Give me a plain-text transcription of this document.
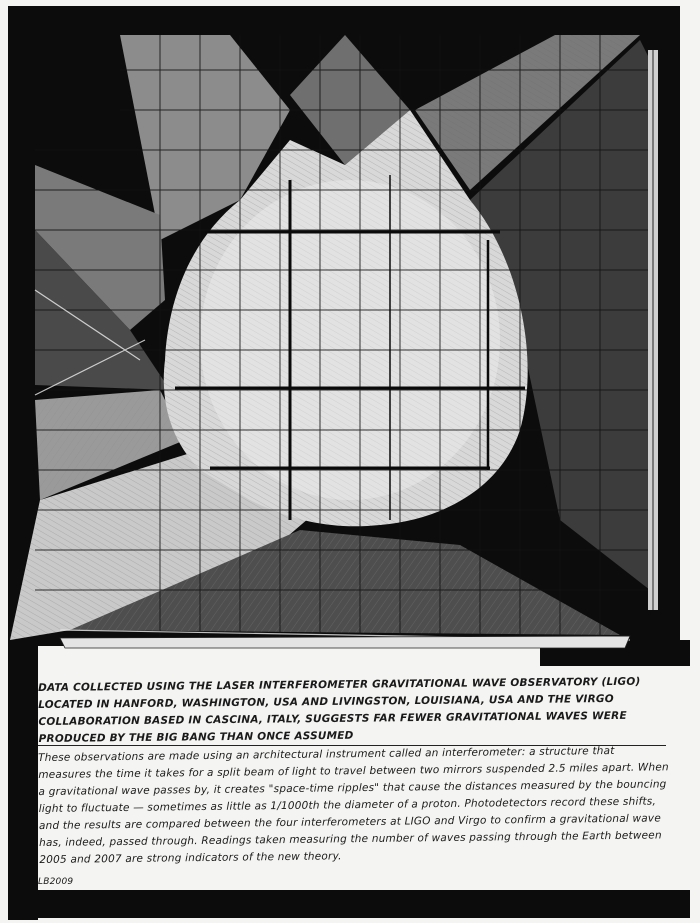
DATA COLLECTED USING THE LASER INTERFEROMETER GRAVITATIONAL WAVE OBSERVATORY (LIGO) LOCATED IN HANFORD, WASHINGTON, USA AND LIVINGSTON, LOUISIANA, USA AND THE VIRGO COLLABORATION BASED IN CASCINA, ITALY, SUGGESTS FAR FEWER GRAVITATIONAL WAVES WERE PRODUCED BY THE BIG BANG THAN ONCE ASSUMED
These observations are made using an architectural instrument called an interferometer: a structure that measures the time it takes for a split beam of light to travel between two mirrors suspended 2.5 miles apart. When a gravitational wave passes by, it creates "space-time ripples" that cause the distances measured by the bouncing light to fluctuate — sometimes as little as 1/1000th the diameter of a proton. Photodetectors record these shifts, and the results are compared between the four interferometers at LIGO and Virgo to confirm a gravitational wave has, indeed, passed through. Readings taken measuring the number of waves passing through the Earth between 2005 and 2007 are strong indicators of the new theory.
LB2009
